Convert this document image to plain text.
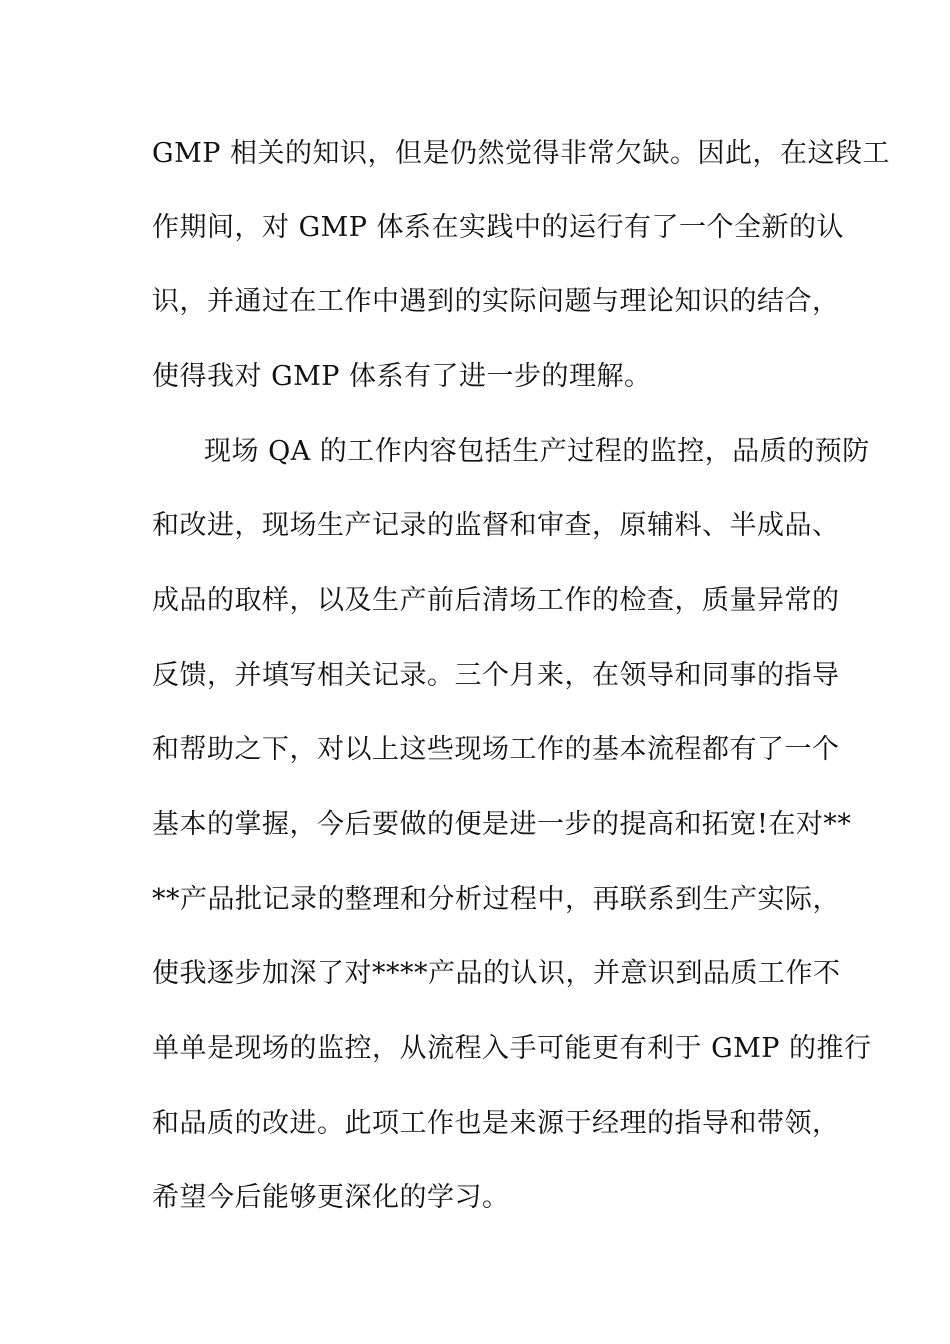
GMP 相关的知识，但是仍然觉得非常欠缺。因此，在这段工
作期间，对 GMP 体系在实践中的运行有了一个全新的认
识，并通过在工作中遇到的实际问题与理论知识的结合，
使得我对 GMP 体系有了进一步的理解。
现场 QA 的工作内容包括生产过程的监控，品质的预防
和改进，现场生产记录的监督和审查，原辅料、半成品、
成品的取样，以及生产前后清场工作的检查，质量异常的
反馈，并填写相关记录。三个月来，在领导和同事的指导
和帮助之下，对以上这些现场工作的基本流程都有了一个
基本的掌握，今后要做的便是进一步的提高和拓宽!在对**
**产品批记录的整理和分析过程中，再联系到生产实际，
使我逐步加深了对****产品的认识，并意识到品质工作不
单单是现场的监控，从流程入手可能更有利于 GMP 的推行
和品质的改进。此项工作也是来源于经理的指导和带领，
希望今后能够更深化的学习。
